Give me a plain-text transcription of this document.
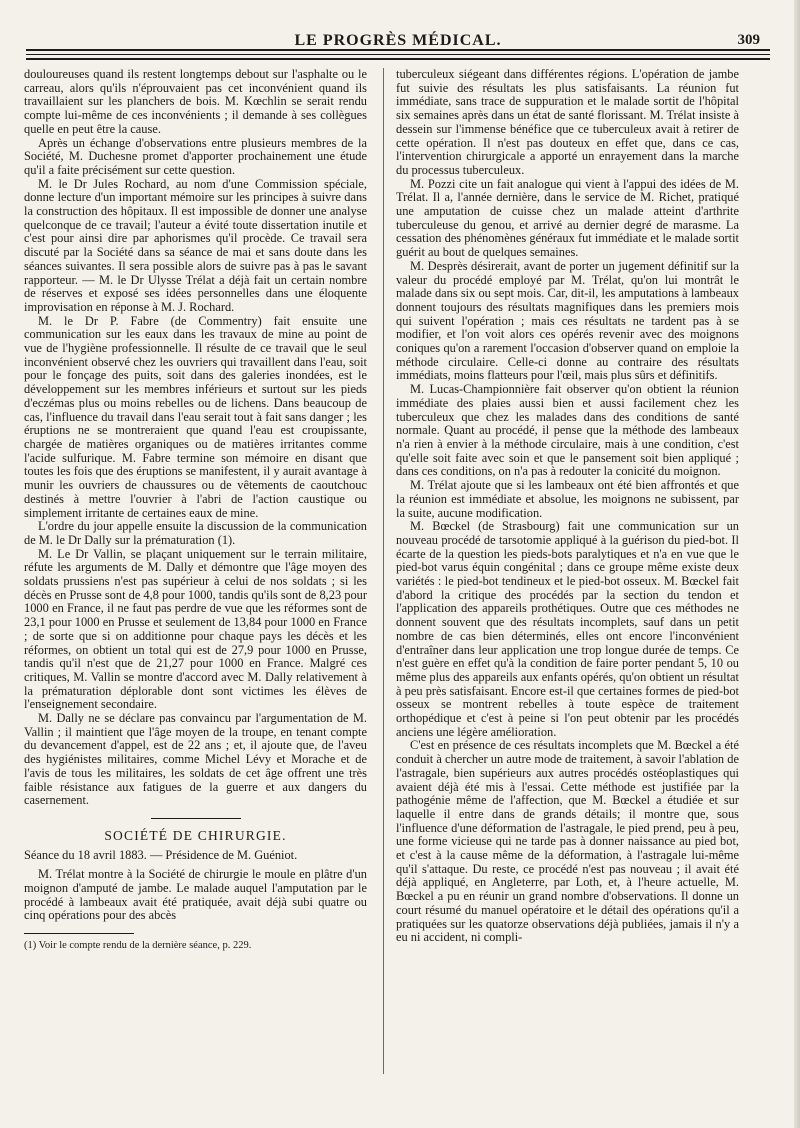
LE PROGRÈS MÉDICAL.	309

douloureuses quand ils restent longtemps debout sur l'asphalte ou le carreau, alors qu'ils n'éprouvaient pas cet inconvénient quand ils travaillaient sur les planchers de bois. M. Kœchlin se serait rendu compte lui-même de ces inconvénients ; il demande à ses collègues quelle en peut être la cause.

Après un échange d'observations entre plusieurs membres de la Société, M. Duchesne promet d'apporter prochainement une étude qu'il a faite précisément sur cette question.

M. le Dr Jules Rochard, au nom d'une Commission spéciale, donne lecture d'un important mémoire sur les principes à suivre dans la construction des hôpitaux. Il est impossible de donner une analyse quelconque de ce travail; l'auteur a évité toute dissertation inutile et c'est pour ainsi dire par aphorismes qu'il procède. Ce travail sera discuté par la Société dans sa séance de mai et sans doute dans les séances suivantes. Il sera possible alors de suivre pas à pas le savant rapporteur. — M. le Dr Ulysse Trélat a déjà fait un certain nombre de réserves et exposé ses idées personnelles dans une éloquente improvisation en réponse à M. J. Rochard.

M. le Dr P. Fabre (de Commentry) fait ensuite une communication sur les eaux dans les travaux de mine au point de vue de l'hygiène professionnelle. Il résulte de ce travail que le seul inconvénient observé chez les ouvriers qui travaillent dans l'eau, soit pour le fonçage des puits, soit dans des galeries inondées, est le développement sur les membres inférieurs et surtout sur les pieds d'eczémas plus ou moins rebelles ou de lichens. Dans beaucoup de cas, l'influence du travail dans l'eau serait tout à fait sans danger ; les éruptions ne se montreraient que quand l'eau est croupissante, chargée de matières organiques ou de matières irritantes comme l'acide sulfurique. M. Fabre termine son mémoire en disant que toutes les fois que des éruptions se manifestent, il y aurait avantage à munir les ouvriers de chaussures ou de vêtements de caoutchouc destinés à mettre l'ouvrier à l'abri de l'action caustique ou simplement irritante de certaines eaux de mine.

L'ordre du jour appelle ensuite la discussion de la communication de M. le Dr Dally sur la prématuration (1).

M. Le Dr Vallin, se plaçant uniquement sur le terrain militaire, réfute les arguments de M. Dally et démontre que l'âge moyen des soldats prussiens n'est pas supérieur à celui de nos soldats ; si les décès en Prusse sont de 4,8 pour 1000, tandis qu'ils sont de 8,23 pour 1000 en France, il ne faut pas perdre de vue que les réformes sont de 23,1 pour 1000 en Prusse et seulement de 13,84 pour 1000 en France ; de sorte que si on additionne pour chaque pays les décès et les réformes, on obtient un total qui est de 27,9 pour 1000 en Prusse, tandis qu'il n'est que de 21,27 pour 1000 en France. Malgré ces critiques, M. Vallin se montre d'accord avec M. Dally relativement à la prématuration déplorable dont sont victimes les élèves de l'enseignement secondaire.

M. Dally ne se déclare pas convaincu par l'argumentation de M. Vallin ; il maintient que l'âge moyen de la troupe, en tenant compte du devancement d'appel, est de 22 ans ; et, il ajoute que, de l'aveu des hygiénistes militaires, comme Michel Lévy et Morache et de l'avis de tous les militaires, les soldats de cet âge offrent une très faible résistance aux fatigues de la guerre et aux dangers du casernement.

SOCIÉTÉ DE CHIRURGIE.

Séance du 18 avril 1883. — Présidence de M. Guéniot.

M. Trélat montre à la Société de chirurgie le moule en plâtre d'un moignon d'amputé de jambe. Le malade auquel l'amputation par le procédé à lambeaux avait été pratiquée, avait déjà subi quatre ou cinq opérations pour des abcès

(1) Voir le compte rendu de la dernière séance, p. 229.

tuberculeux siégeant dans différentes régions. L'opération de jambe fut suivie des résultats les plus satisfaisants. La réunion fut immédiate, sans trace de suppuration et le malade sortit de l'hôpital six semaines après dans un état de santé florissant. M. Trélat insiste à dessein sur l'immense bénéfice que ce tuberculeux avait à retirer de cette opération. Il n'est pas douteux en effet que, dans ce cas, l'intervention chirurgicale a apporté un enrayement dans la marche du processus tuberculeux.

M. Pozzi cite un fait analogue qui vient à l'appui des idées de M. Trélat. Il a, l'année dernière, dans le service de M. Richet, pratiqué une amputation de cuisse chez un malade atteint d'arthrite tuberculeuse du genou, et arrivé au dernier degré de marasme. La cessation des phénomènes généraux fut immédiate et le malade sortit guérit au bout de quelques semaines.

M. Desprès désirerait, avant de porter un jugement définitif sur la valeur du procédé employé par M. Trélat, qu'on lui montrât le malade dans six ou sept mois. Car, dit-il, les amputations à lambeaux donnent toujours des résultats magnifiques dans les premiers mois qui suivent l'opération ; mais ces résultats ne tardent pas à se modifier, et l'on voit alors ces opérés revenir avec des moignons coniques qu'on a rarement l'occasion d'observer quand on emploie la méthode circulaire. Celle-ci donne au contraire des résultats immédiats, moins flatteurs pour l'œil, mais plus sûrs et définitifs.

M. Lucas-Championnière fait observer qu'on obtient la réunion immédiate des plaies aussi bien et aussi facilement chez les tuberculeux que chez les malades dans des conditions de santé normale. Quant au procédé, il pense que la méthode des lambeaux n'a rien à envier à la méthode circulaire, mais à une condition, c'est qu'elle soit faite avec soin et que le pansement soit bien appliqué ; dans ces conditions, on n'a pas à redouter la conicité du moignon.

M. Trélat ajoute que si les lambeaux ont été bien affrontés et que la réunion est immédiate et absolue, les moignons ne subissent, par la suite, aucune modification.

M. Bœckel (de Strasbourg) fait une communication sur un nouveau procédé de tarsotomie appliqué à la guérison du pied-bot. Il écarte de la question les pieds-bots paralytiques et n'a en vue que le pied-bot varus équin congénital ; dans ce groupe même existe deux variétés : le pied-bot tendineux et le pied-bot osseux. M. Bœckel fait d'abord la critique des procédés par la section du tendon et l'application des appareils prothétiques. Outre que ces méthodes ne donnent souvent que des résultats incomplets, sauf dans un petit nombre de cas bien déterminés, elles ont encore l'inconvénient d'entraîner dans leur application une trop longue durée de temps. Ce n'est guère en effet qu'à la condition de faire porter pendant 5, 10 ou même plus des appareils aux enfants opérés, qu'on obtient un résultat à peu près satisfaisant. Encore est-il que certaines formes de pied-bot osseux se montrent rebelles à toute espèce de traitement orthopédique et c'est à peine si l'on peut obtenir par les procédés anciens une légère amélioration.

C'est en présence de ces résultats incomplets que M. Bœckel a été conduit à chercher un autre mode de traitement, à savoir l'ablation de l'astragale, bien supérieurs aux autres procédés ostéoplastiques qui avaient déjà été mis à l'essai. Cette méthode est justifiée par la pathogénie même de l'affection, que M. Bœckel a étudiée et sur laquelle il entre dans de grands détails; il montre que, sous l'influence d'une déformation de l'astragale, le pied prend, peu à peu, une forme vicieuse qui ne tarde pas à donner naissance au pied bot, et c'est à la cause même de la déformation, à l'astragale lui-même qu'il s'attaque. Du reste, ce procédé n'est pas nouveau ; il avait été déjà appliqué, en Angleterre, par Loth, et, à l'heure actuelle, M. Bœckel a pu en réunir un grand nombre d'observations. Il donne un court résumé du manuel opératoire et le détail des opérations qu'il a pratiquées sur les quatorze observations déjà publiées, jamais il n'y a eu ni accident, ni compli-
